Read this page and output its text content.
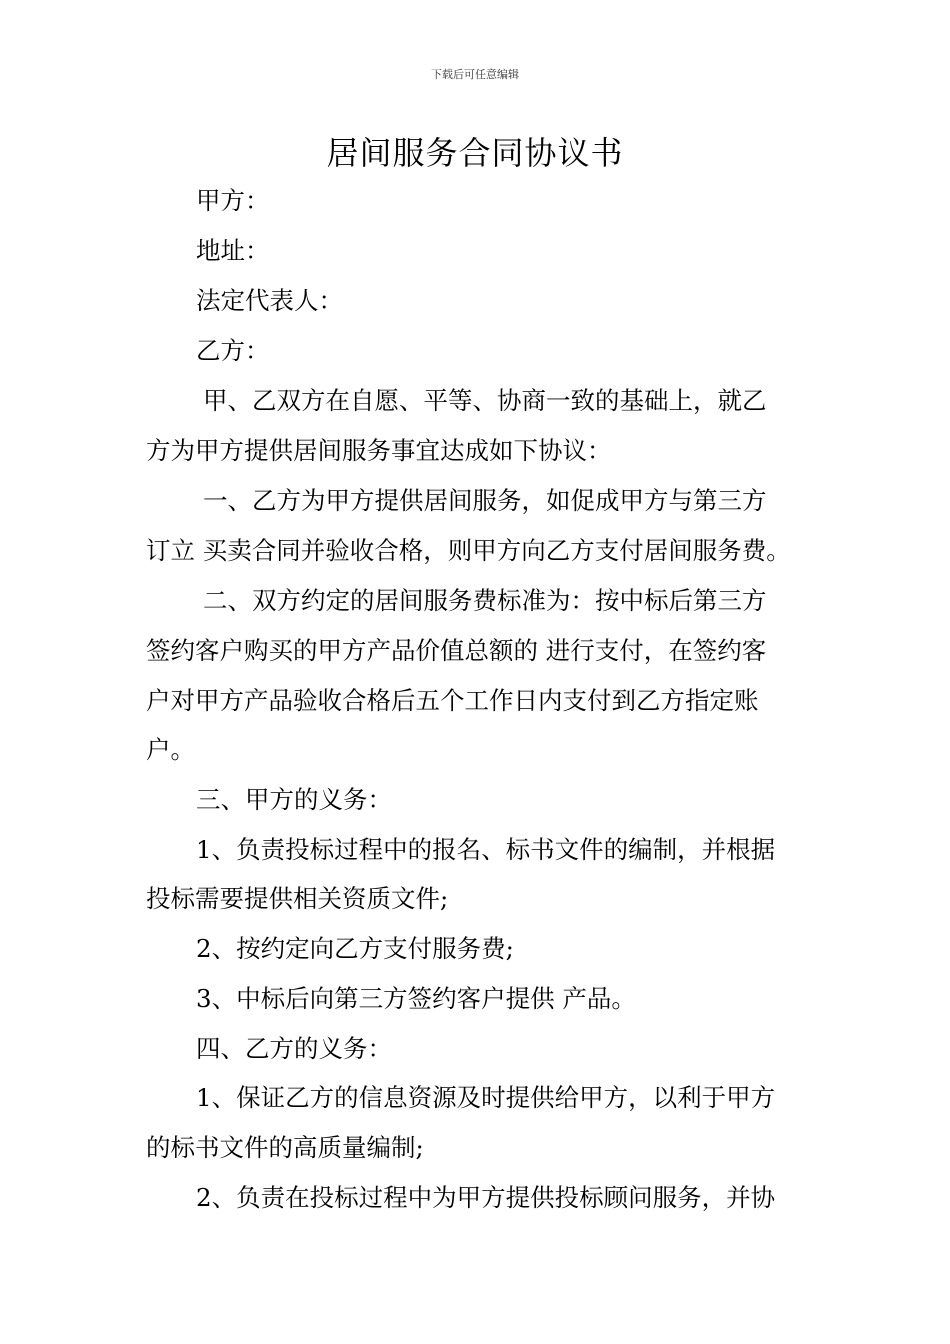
下载后可任意编辑
居间服务合同协议书
甲方：
地址：
法定代表人：
乙方：
甲、乙双方在自愿、平等、协商一致的基础上，就乙
方为甲方提供居间服务事宜达成如下协议：
一、乙方为甲方提供居间服务，如促成甲方与第三方
订立 买卖合同并验收合格，则甲方向乙方支付居间服务费。
二、双方约定的居间服务费标准为：按中标后第三方
签约客户购买的甲方产品价值总额的 进行支付，在签约客
户对甲方产品验收合格后五个工作日内支付到乙方指定账
户。
三、甲方的义务：
1、负责投标过程中的报名、标书文件的编制，并根据
投标需要提供相关资质文件;
2、按约定向乙方支付服务费;
3、中标后向第三方签约客户提供 产品。
四、乙方的义务：
1、保证乙方的信息资源及时提供给甲方，以利于甲方
的标书文件的高质量编制;
2、负责在投标过程中为甲方提供投标顾问服务，并协
